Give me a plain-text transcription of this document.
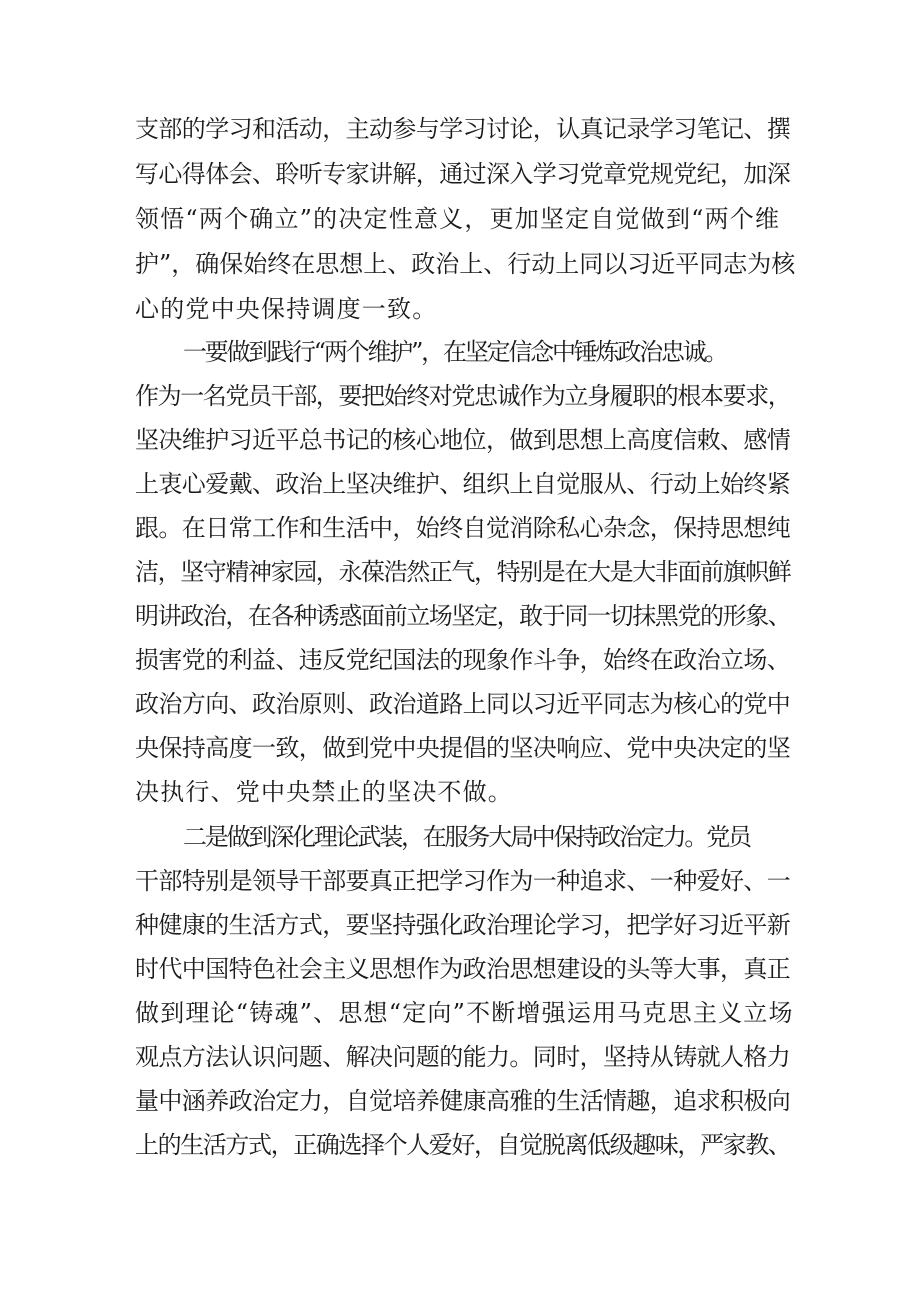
支部的学习和活动，主动参与学习讨论，认真记录学习笔记、撰
写心得体会、聆听专家讲解，通过深入学习党章党规党纪，加深
领悟“两个确立”的决定性意义，更加坚定自觉做到“两个维
护”，确保始终在思想上、政治上、行动上同以习近平同志为核
心的党中央保持调度一致。
一要做到践行“两个维护”，在坚定信念中锤炼政治忠诚。
作为一名党员干部，要把始终对党忠诚作为立身履职的根本要求，
坚决维护习近平总书记的核心地位，做到思想上高度信敕、感情
上衷心爱戴、政治上坚决维护、组织上自觉服从、行动上始终紧
跟。在日常工作和生活中，始终自觉消除私心杂念，保持思想纯
洁，坚守精神家园，永葆浩然正气，特别是在大是大非面前旗帜鲜
明讲政治，在各种诱惑面前立场坚定，敢于同一切抹黑党的形象、
损害党的利益、违反党纪国法的现象作斗争，始终在政治立场、
政治方向、政治原则、政治道路上同以习近平同志为核心的党中
央保持高度一致，做到党中央提倡的坚决响应、党中央决定的坚
决执行、党中央禁止的坚决不做。
二是做到深化理论武装，在服务大局中保持政治定力。党员
干部特别是领导干部要真正把学习作为一种追求、一种爱好、一
种健康的生活方式，要坚持强化政治理论学习，把学好习近平新
时代中国特色社会主义思想作为政治思想建设的头等大事，真正
做到理论“铸魂”、思想“定向”不断增强运用马克思主义立场
观点方法认识问题、解决问题的能力。同时，坚持从铸就人格力
量中涵养政治定力，自觉培养健康高雅的生活情趣，追求积极向
上的生活方式，正确选择个人爱好，自觉脱离低级趣味，严家教、
